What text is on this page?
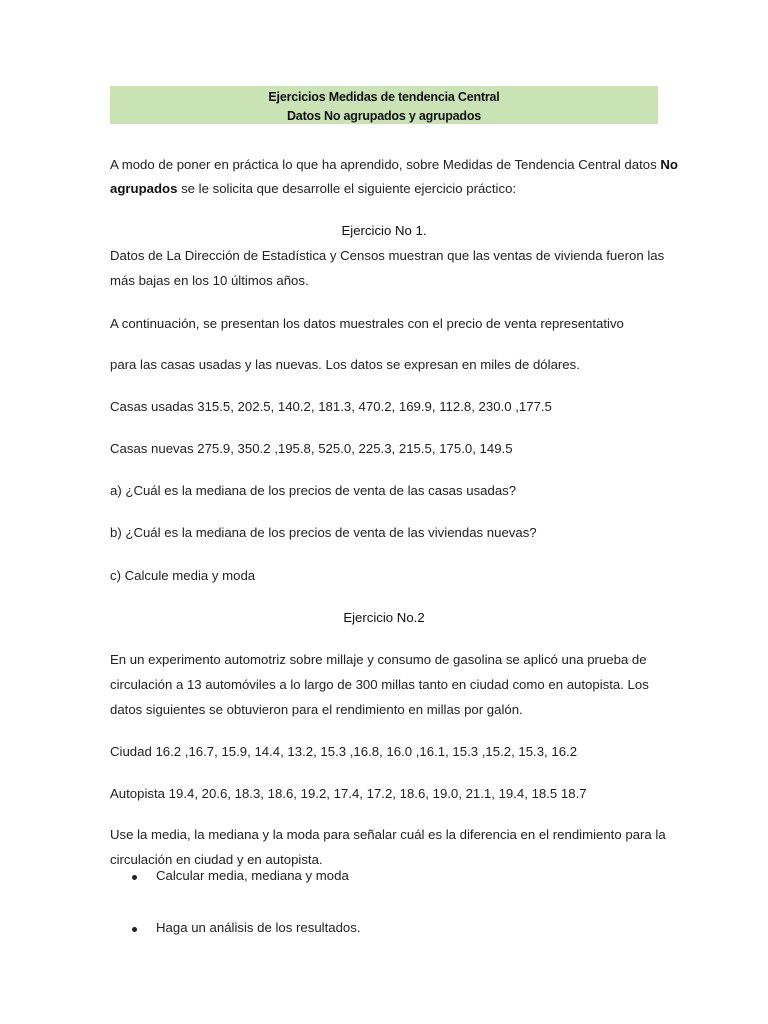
Ejercicios Medidas de tendencia Central
Datos No agrupados y agrupados
A modo de poner en práctica lo que ha aprendido, sobre Medidas de Tendencia Central datos No
agrupados se le solicita que desarrolle el siguiente ejercicio práctico:
Ejercicio No 1.
Datos de La Dirección de Estadística y Censos muestran que las ventas de vivienda fueron las
más bajas en los 10 últimos años.
A continuación, se presentan los datos muestrales con el precio de venta representativo
para las casas usadas y las nuevas. Los datos se expresan en miles de dólares.
Casas usadas 315.5, 202.5, 140.2, 181.3, 470.2, 169.9, 112.8, 230.0 ,177.5
Casas nuevas 275.9, 350.2 ,195.8, 525.0, 225.3, 215.5, 175.0, 149.5
a) ¿Cuál es la mediana de los precios de venta de las casas usadas?
b) ¿Cuál es la mediana de los precios de venta de las viviendas nuevas?
c) Calcule media y moda
Ejercicio No.2
En un experimento automotriz sobre millaje y consumo de gasolina se aplicó una prueba de
circulación a 13 automóviles a lo largo de 300 millas tanto en ciudad como en autopista. Los
datos siguientes se obtuvieron para el rendimiento en millas por galón.
Ciudad 16.2 ,16.7, 15.9, 14.4, 13.2, 15.3 ,16.8, 16.0 ,16.1, 15.3 ,15.2, 15.3, 16.2
Autopista 19.4, 20.6, 18.3, 18.6, 19.2, 17.4, 17.2, 18.6, 19.0, 21.1, 19.4, 18.5 18.7
Use la media, la mediana y la moda para señalar cuál es la diferencia en el rendimiento para la
circulación en ciudad y en autopista.
Calcular media, mediana y moda
Haga un análisis de los resultados.
